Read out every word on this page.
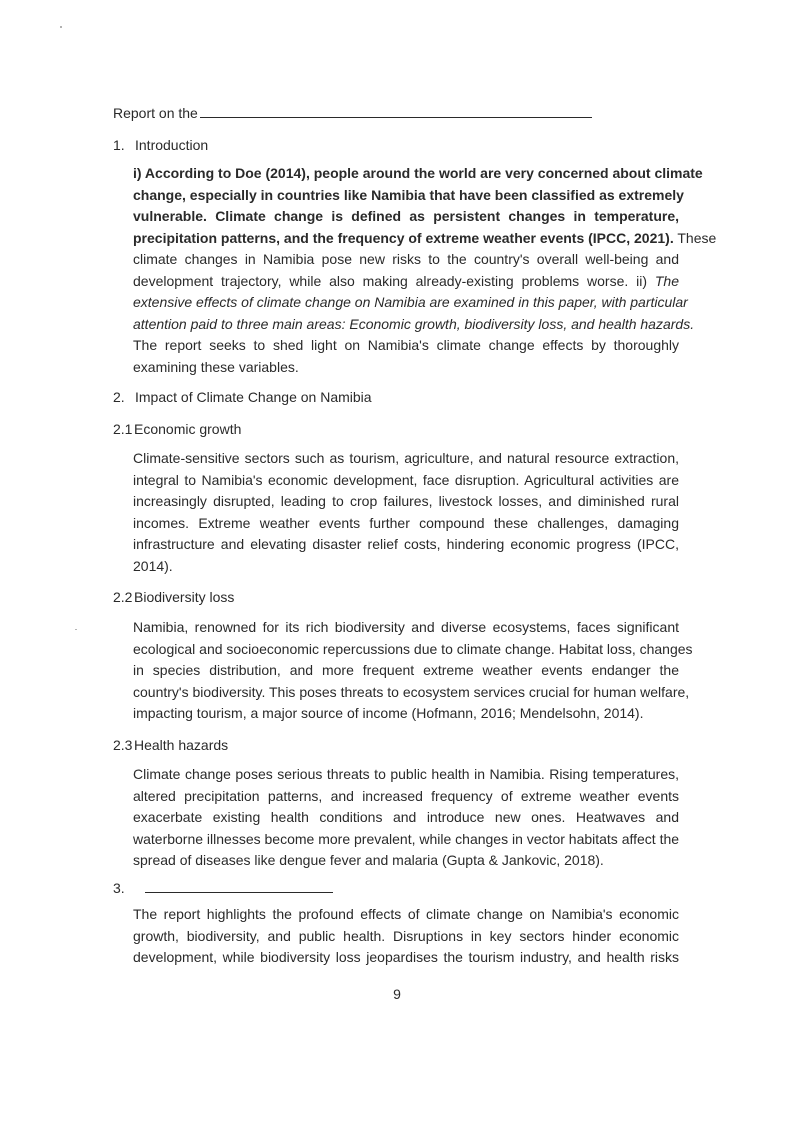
Report on the
1. Introduction
i) According to Doe (2014), people around the world are very concerned about climate
change, especially in countries like Namibia that have been classified as extremely
vulnerable. Climate change is defined as persistent changes in temperature,
precipitation patterns, and the frequency of extreme weather events (IPCC, 2021). These
climate changes in Namibia pose new risks to the country's overall well-being and
development trajectory, while also making already-existing problems worse. ii) The
extensive effects of climate change on Namibia are examined in this paper, with particular
attention paid to three main areas: Economic growth, biodiversity loss, and health hazards.
The report seeks to shed light on Namibia's climate change effects by thoroughly
examining these variables.
2. Impact of Climate Change on Namibia
2.1 Economic growth
Climate-sensitive sectors such as tourism, agriculture, and natural resource extraction,
integral to Namibia's economic development, face disruption. Agricultural activities are
increasingly disrupted, leading to crop failures, livestock losses, and diminished rural
incomes. Extreme weather events further compound these challenges, damaging
infrastructure and elevating disaster relief costs, hindering economic progress (IPCC,
2014).
2.2 Biodiversity loss
Namibia, renowned for its rich biodiversity and diverse ecosystems, faces significant
ecological and socioeconomic repercussions due to climate change. Habitat loss, changes
in species distribution, and more frequent extreme weather events endanger the
country's biodiversity. This poses threats to ecosystem services crucial for human welfare,
impacting tourism, a major source of income (Hofmann, 2016; Mendelsohn, 2014).
2.3 Health hazards
Climate change poses serious threats to public health in Namibia. Rising temperatures,
altered precipitation patterns, and increased frequency of extreme weather events
exacerbate existing health conditions and introduce new ones. Heatwaves and
waterborne illnesses become more prevalent, while changes in vector habitats affect the
spread of diseases like dengue fever and malaria (Gupta & Jankovic, 2018).
3.
The report highlights the profound effects of climate change on Namibia's economic
growth, biodiversity, and public health. Disruptions in key sectors hinder economic
development, while biodiversity loss jeopardises the tourism industry, and health risks
9
